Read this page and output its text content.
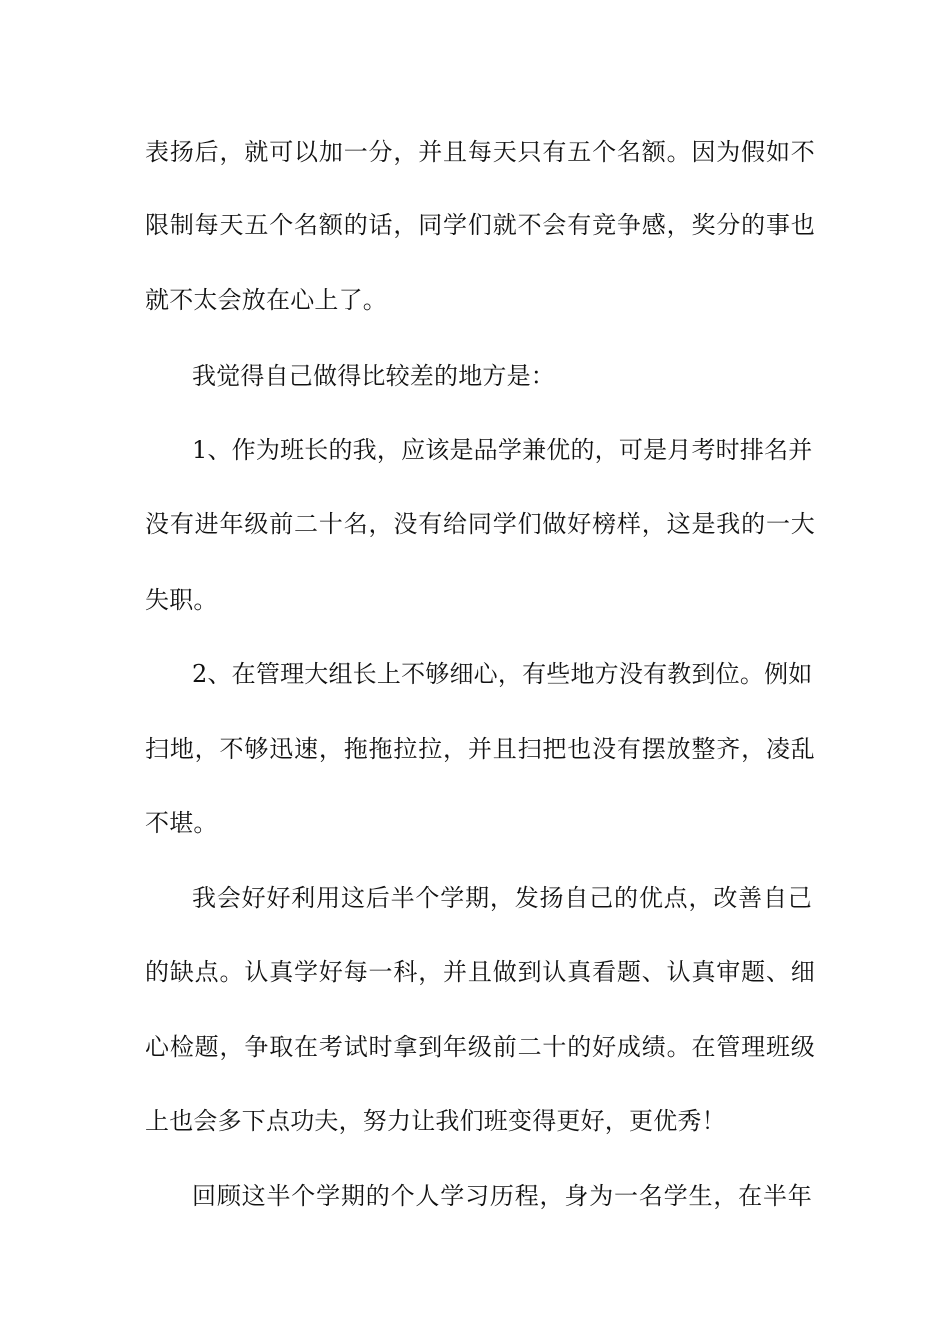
表扬后，就可以加一分，并且每天只有五个名额。因为假如不
限制每天五个名额的话，同学们就不会有竞争感，奖分的事也
就不太会放在心上了。
我觉得自己做得比较差的地方是：
1、作为班长的我，应该是品学兼优的，可是月考时排名并
没有进年级前二十名，没有给同学们做好榜样，这是我的一大
失职。
2、在管理大组长上不够细心，有些地方没有教到位。例如
扫地，不够迅速，拖拖拉拉，并且扫把也没有摆放整齐，凌乱
不堪。
我会好好利用这后半个学期，发扬自己的优点，改善自己
的缺点。认真学好每一科，并且做到认真看题、认真审题、细
心检题，争取在考试时拿到年级前二十的好成绩。在管理班级
上也会多下点功夫，努力让我们班变得更好，更优秀！
回顾这半个学期的个人学习历程，身为一名学生，在半年
